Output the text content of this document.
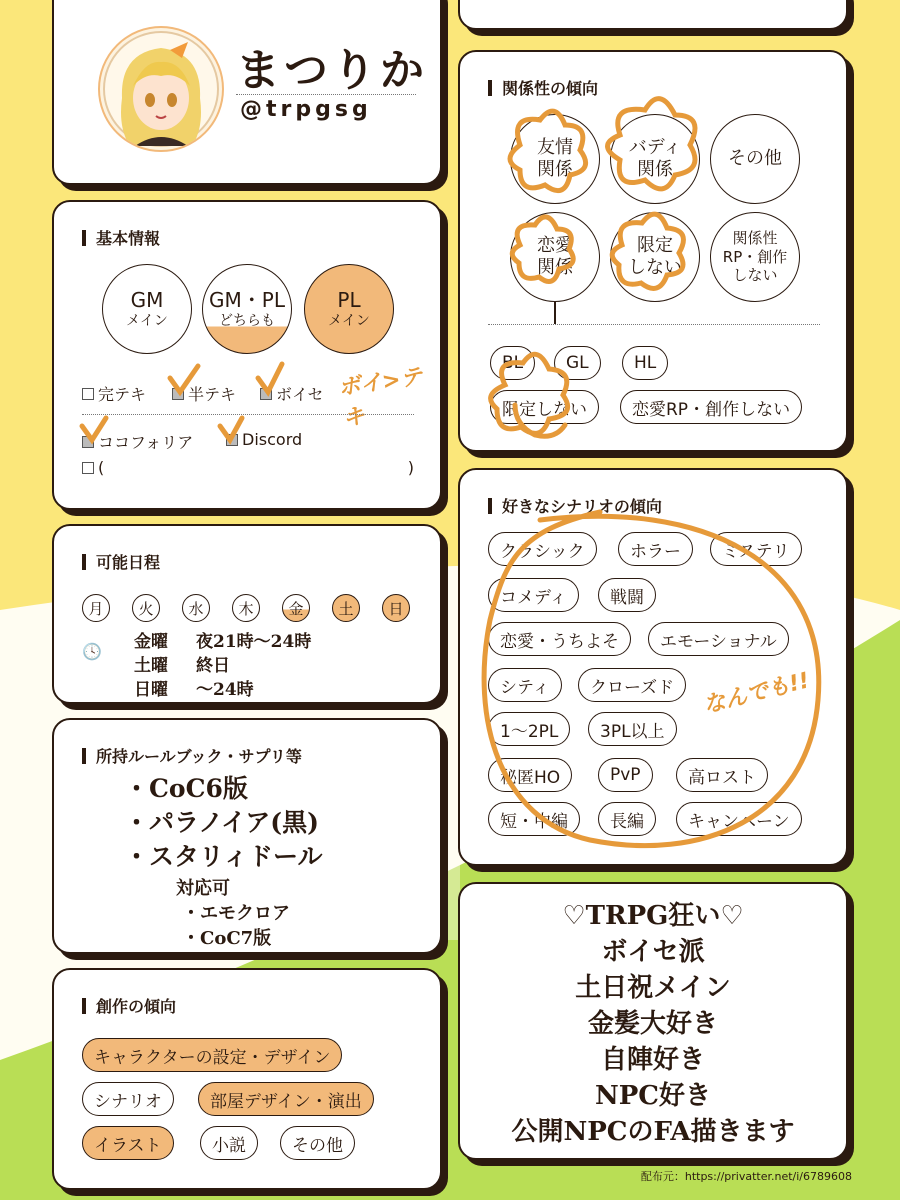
まつりか
@trpgsg
基本情報
GM
メイン
GM・PL
どちらも
PL
メイン
完テキ	半テキ ボイセ ボイ>テキ
ココフォリア	Discord
(	)
可能日程
月	火	水	木	金	土	日
🕓 金曜 夜21時〜24時
土曜 終日
日曜 〜24時
所持ルールブック・サプリ等
・CoC6版
・パラノイア(黒)
・スタリィドール
対応可
・エモクロア
・CoC7版
創作の傾向
キャラクターの設定・デザイン
シナリオ	部屋デザイン・演出
イラスト	小説	その他
関係性の傾向
友情
関係
バディ
関係
その他
恋愛
関係
限定
しない
関係性
RP・創作
しない
BL	GL	HL
限定しない	恋愛RP・創作しない
好きなシナリオの傾向
クラシック	ホラー	ミステリ
コメディ	戦闘
恋愛・うちよそ	エモーショナル
シティ	クローズド
1〜2PL	3PL以上
秘匿HO	PvP	高ロスト
短・中編	長編	キャンペーン
なんでも!!
♡TRPG狂い♡
ボイセ派
土日祝メイン
金髪大好き
自陣好き
NPC好き
公開NPCのFA描きます
配布元：https://privatter.net/i/6789608
